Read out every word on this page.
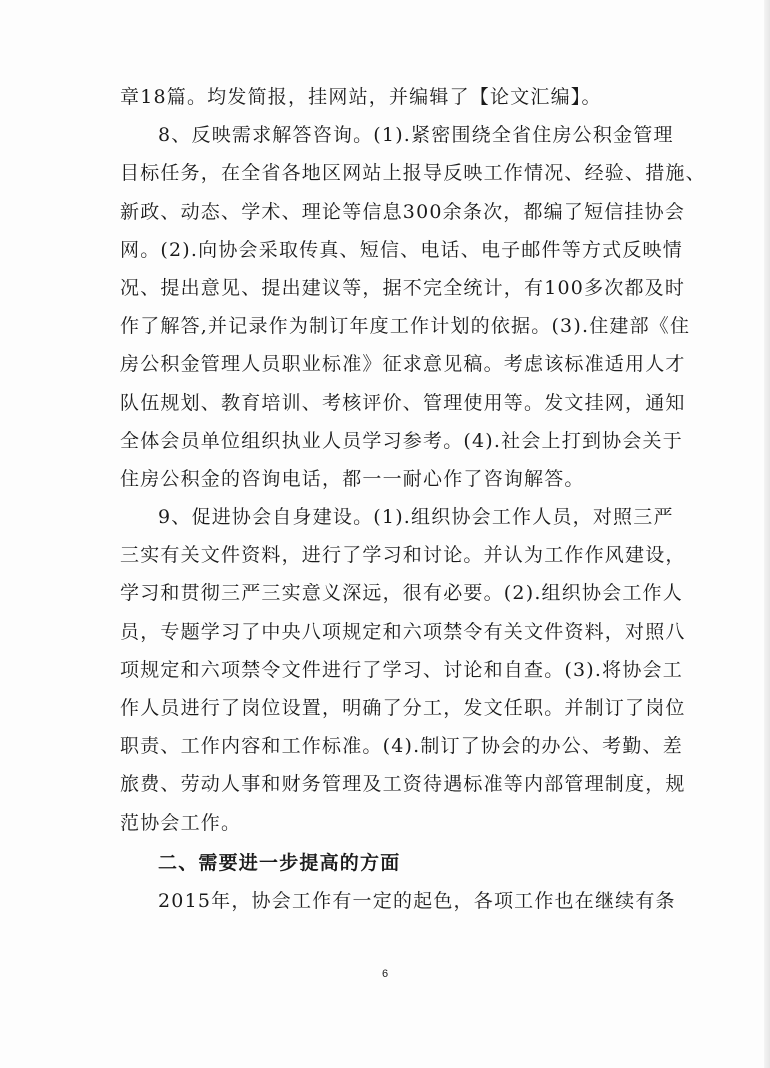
章18篇。均发简报，挂网站，并编辑了【论文汇编】。
8、反映需求解答咨询。(1).紧密围绕全省住房公积金管理
目标任务，在全省各地区网站上报导反映工作情况、经验、措施、
新政、动态、学术、理论等信息300余条次，都编了短信挂协会
网。(2).向协会采取传真、短信、电话、电子邮件等方式反映情
况、提出意见、提出建议等，据不完全统计，有100多次都及时
作了解答,并记录作为制订年度工作计划的依据。(3).住建部《住
房公积金管理人员职业标准》征求意见稿。考虑该标准适用人才
队伍规划、教育培训、考核评价、管理使用等。发文挂网，通知
全体会员单位组织执业人员学习参考。(4).社会上打到协会关于
住房公积金的咨询电话，都一一耐心作了咨询解答。
9、促进协会自身建设。(1).组织协会工作人员，对照三严
三实有关文件资料，进行了学习和讨论。并认为工作作风建设，
学习和贯彻三严三实意义深远，很有必要。(2).组织协会工作人
员，专题学习了中央八项规定和六项禁令有关文件资料，对照八
项规定和六项禁令文件进行了学习、讨论和自查。(3).将协会工
作人员进行了岗位设置，明确了分工，发文任职。并制订了岗位
职责、工作内容和工作标准。(4).制订了协会的办公、考勤、差
旅费、劳动人事和财务管理及工资待遇标准等内部管理制度，规
范协会工作。
二、需要进一步提高的方面
2015年，协会工作有一定的起色，各项工作也在继续有条
6
